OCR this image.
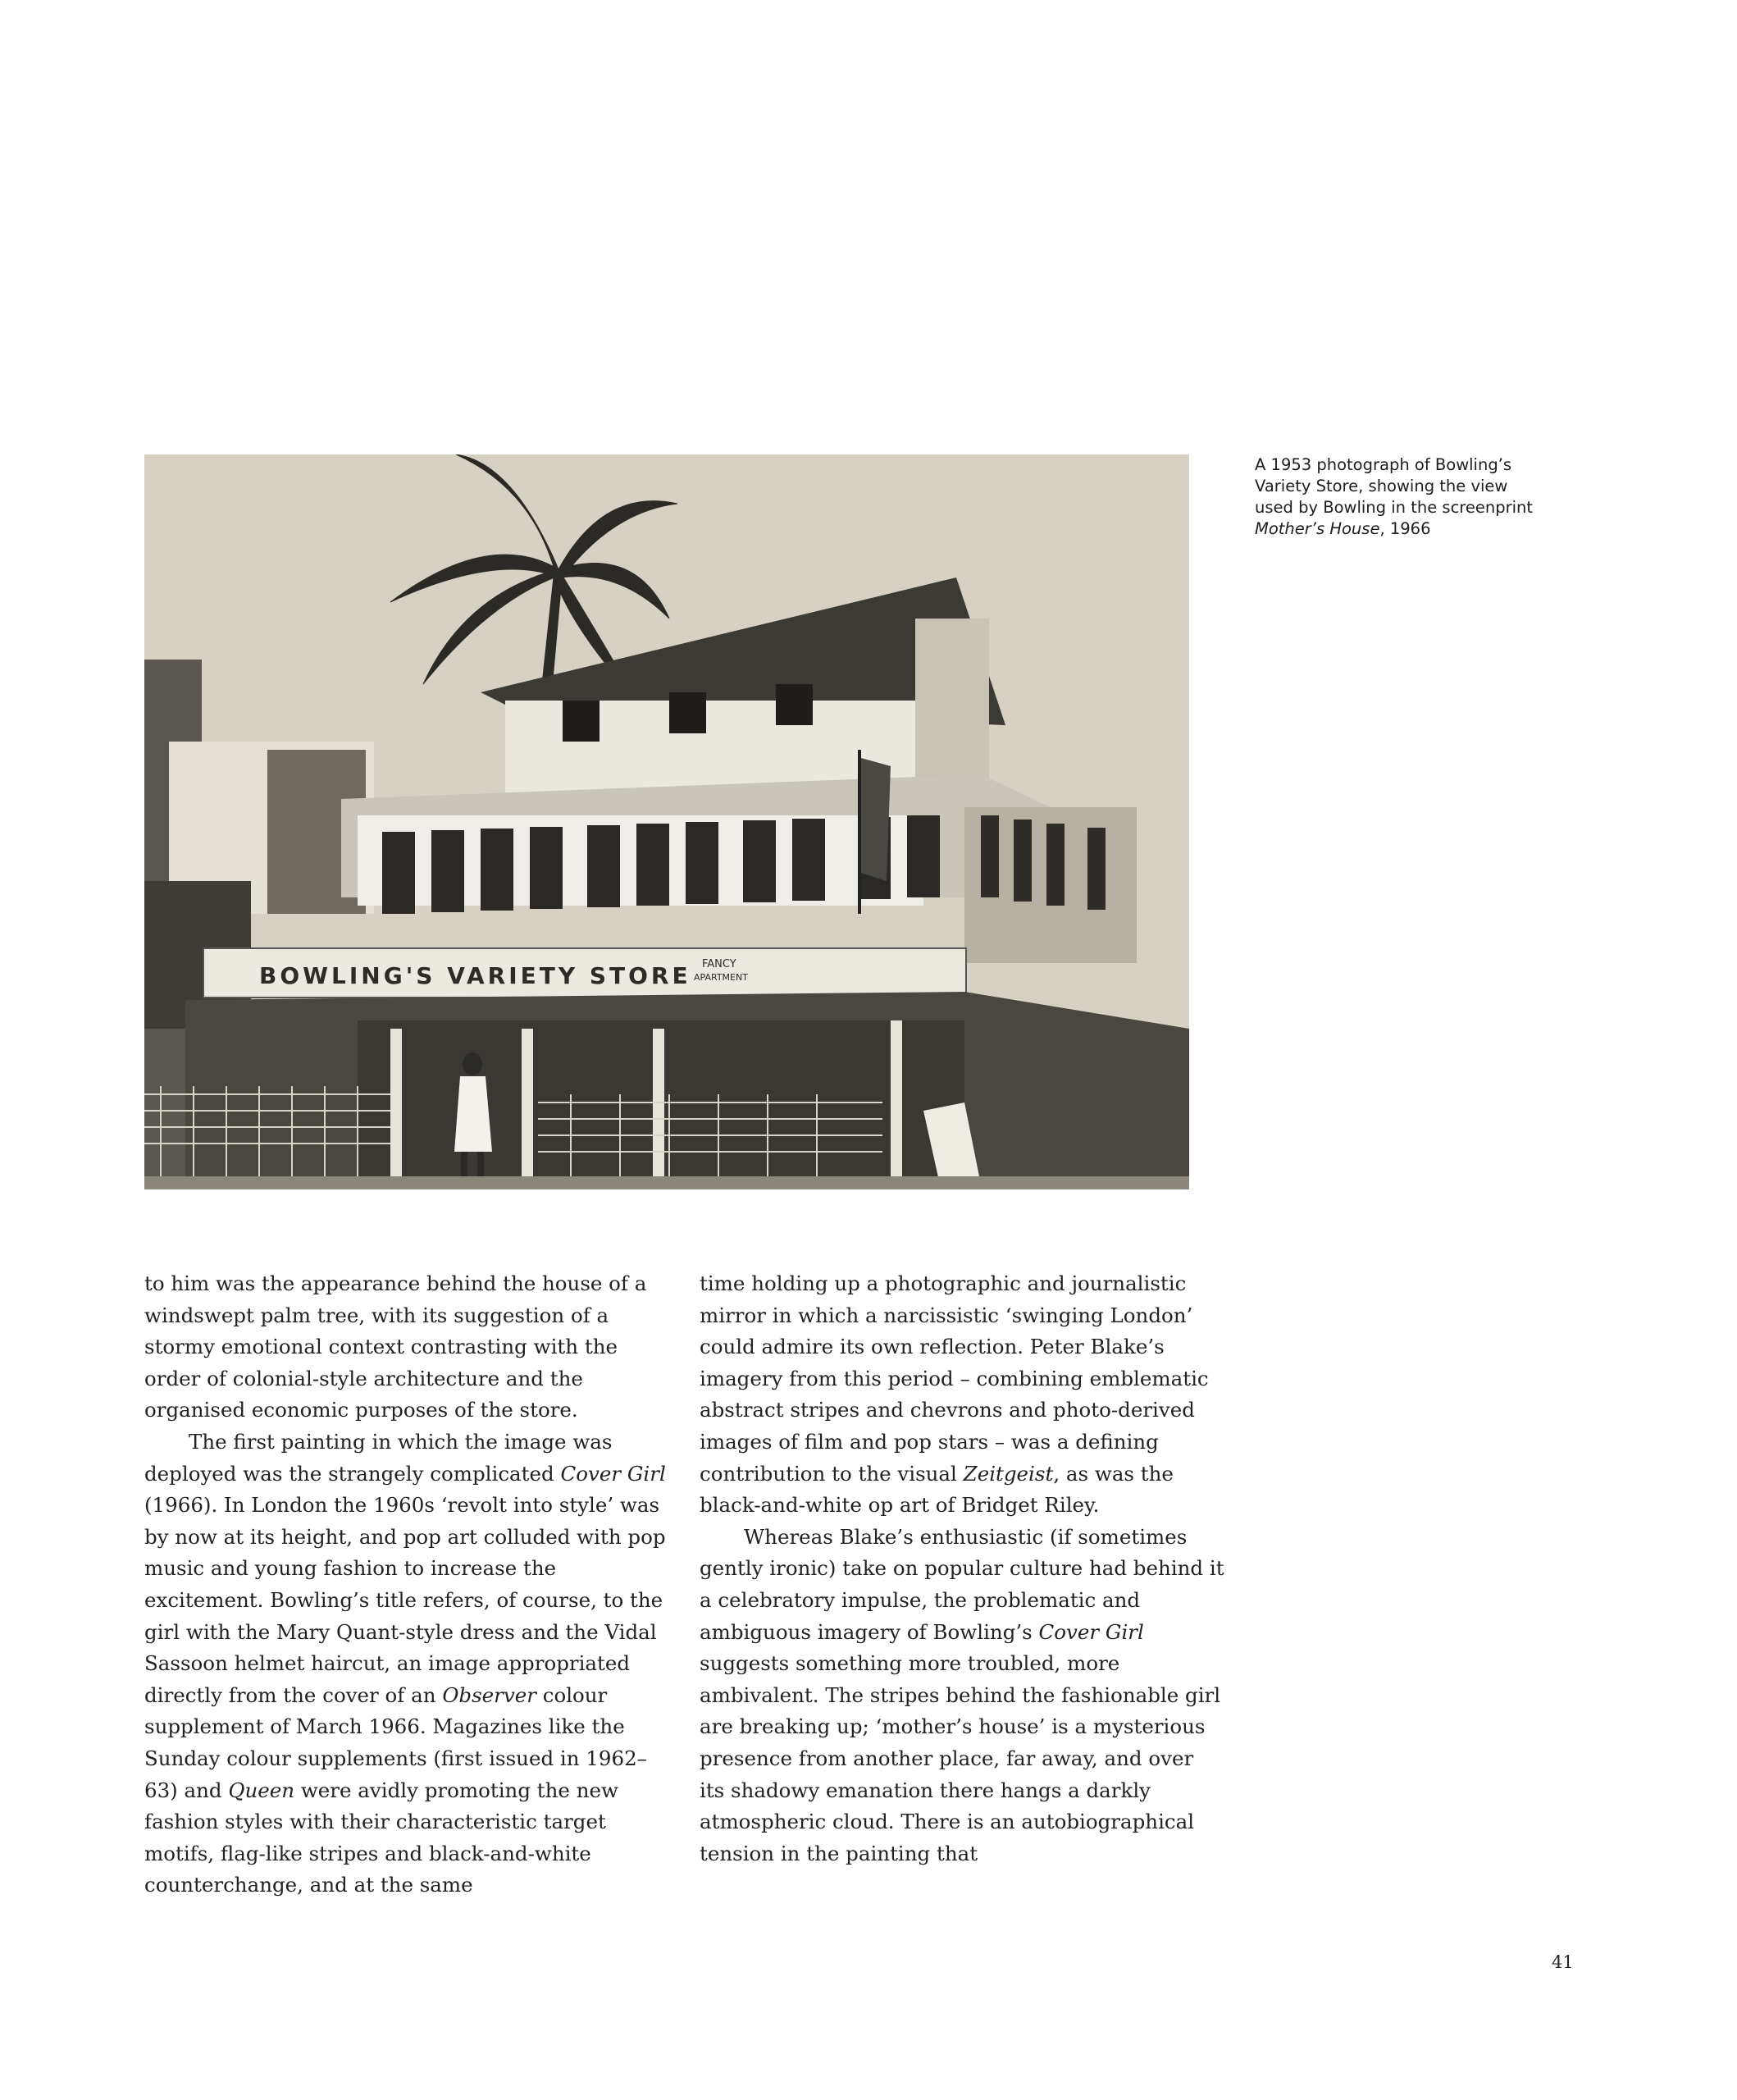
BOWLING'S VARIETY STORE FANCY
APARTMENT
A 1953 photograph of Bowling’s
Variety Store, showing the view
used by Bowling in the screenprint
Mother’s House, 1966

to him was the appearance behind the house of a windswept palm tree, with its suggestion of a stormy emotional context contrasting with the order of colonial-style architecture and the organised economic purposes of the store.

The first painting in which the image was deployed was the strangely complicated Cover Girl (1966). In London the 1960s ‘revolt into style’ was by now at its height, and pop art colluded with pop music and young fashion to increase the excitement. Bowling’s title refers, of course, to the girl with the Mary Quant-style dress and the Vidal Sassoon helmet haircut, an image appropriated directly from the cover of an Observer colour supplement of March 1966. Magazines like the Sunday colour supplements (first issued in 1962–63) and Queen were avidly promoting the new fashion styles with their characteristic target motifs, flag-like stripes and black-and-white counterchange, and at the same

time holding up a photographic and journalistic mirror in which a narcissistic ‘swinging London’ could admire its own reflection. Peter Blake’s imagery from this period – combining emblematic abstract stripes and chevrons and photo-derived images of film and pop stars – was a defining contribution to the visual Zeitgeist, as was the black-and-white op art of Bridget Riley.

Whereas Blake’s enthusiastic (if sometimes gently ironic) take on popular culture had behind it a celebratory impulse, the problematic and ambiguous imagery of Bowling’s Cover Girl suggests something more troubled, more ambivalent. The stripes behind the fashionable girl are breaking up; ‘mother’s house’ is a mysterious presence from another place, far away, and over its shadowy emanation there hangs a darkly atmospheric cloud. There is an autobiographical tension in the painting that

41
